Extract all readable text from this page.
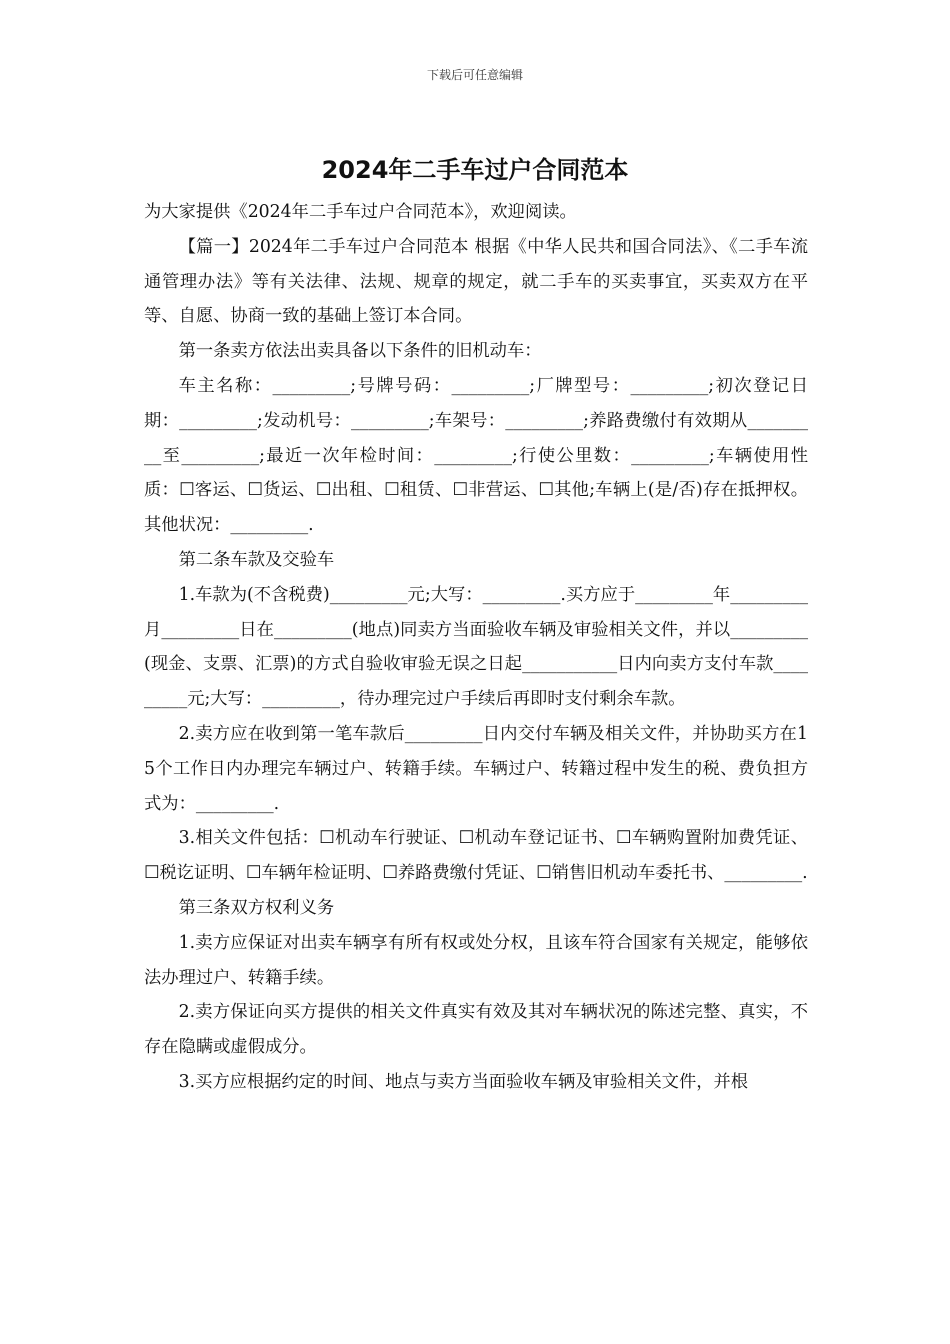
下载后可任意编辑
2024年二手车过户合同范本

为大家提供《2024年二手车过户合同范本》，欢迎阅读。

【篇一】2024年二手车过户合同范本 根据《中华人民共和国合同法》、《二手车流通管理办法》等有关法律、法规、规章的规定，就二手车的买卖事宜，买卖双方在平等、自愿、协商一致的基础上签订本合同。

第一条卖方依法出卖具备以下条件的旧机动车：

车主名称：_________;号牌号码：_________;厂牌型号：_________;初次登记日期：_________;发动机号：_________;车架号：_________;养路费缴付有效期从_________至_________;最近一次年检时间：_________;行使公里数：_________;车辆使用性质：☐客运、☐货运、☐出租、☐租赁、☐非营运、☐其他;车辆上(是/否)存在抵押权。其他状况：_________.

第二条车款及交验车

1.车款为(不含税费)_________元;大写：_________.买方应于_________年_________月_________日在_________(地点)同卖方当面验收车辆及审验相关文件，并以_________(现金、支票、汇票)的方式自验收审验无误之日起___________日内向卖方支付车款_________元;大写：_________，待办理完过户手续后再即时支付剩余车款。

2.卖方应在收到第一笔车款后_________日内交付车辆及相关文件，并协助买方在15个工作日内办理完车辆过户、转籍手续。车辆过户、转籍过程中发生的税、费负担方式为：_________.

3.相关文件包括：☐机动车行驶证、☐机动车登记证书、☐车辆购置附加费凭证、☐税讫证明、☐车辆年检证明、☐养路费缴付凭证、☐销售旧机动车委托书、_________.

第三条双方权利义务

1.卖方应保证对出卖车辆享有所有权或处分权，且该车符合国家有关规定，能够依法办理过户、转籍手续。

2.卖方保证向买方提供的相关文件真实有效及其对车辆状况的陈述完整、真实，不存在隐瞒或虚假成分。

3.买方应根据约定的时间、地点与卖方当面验收车辆及审验相关文件，并根
